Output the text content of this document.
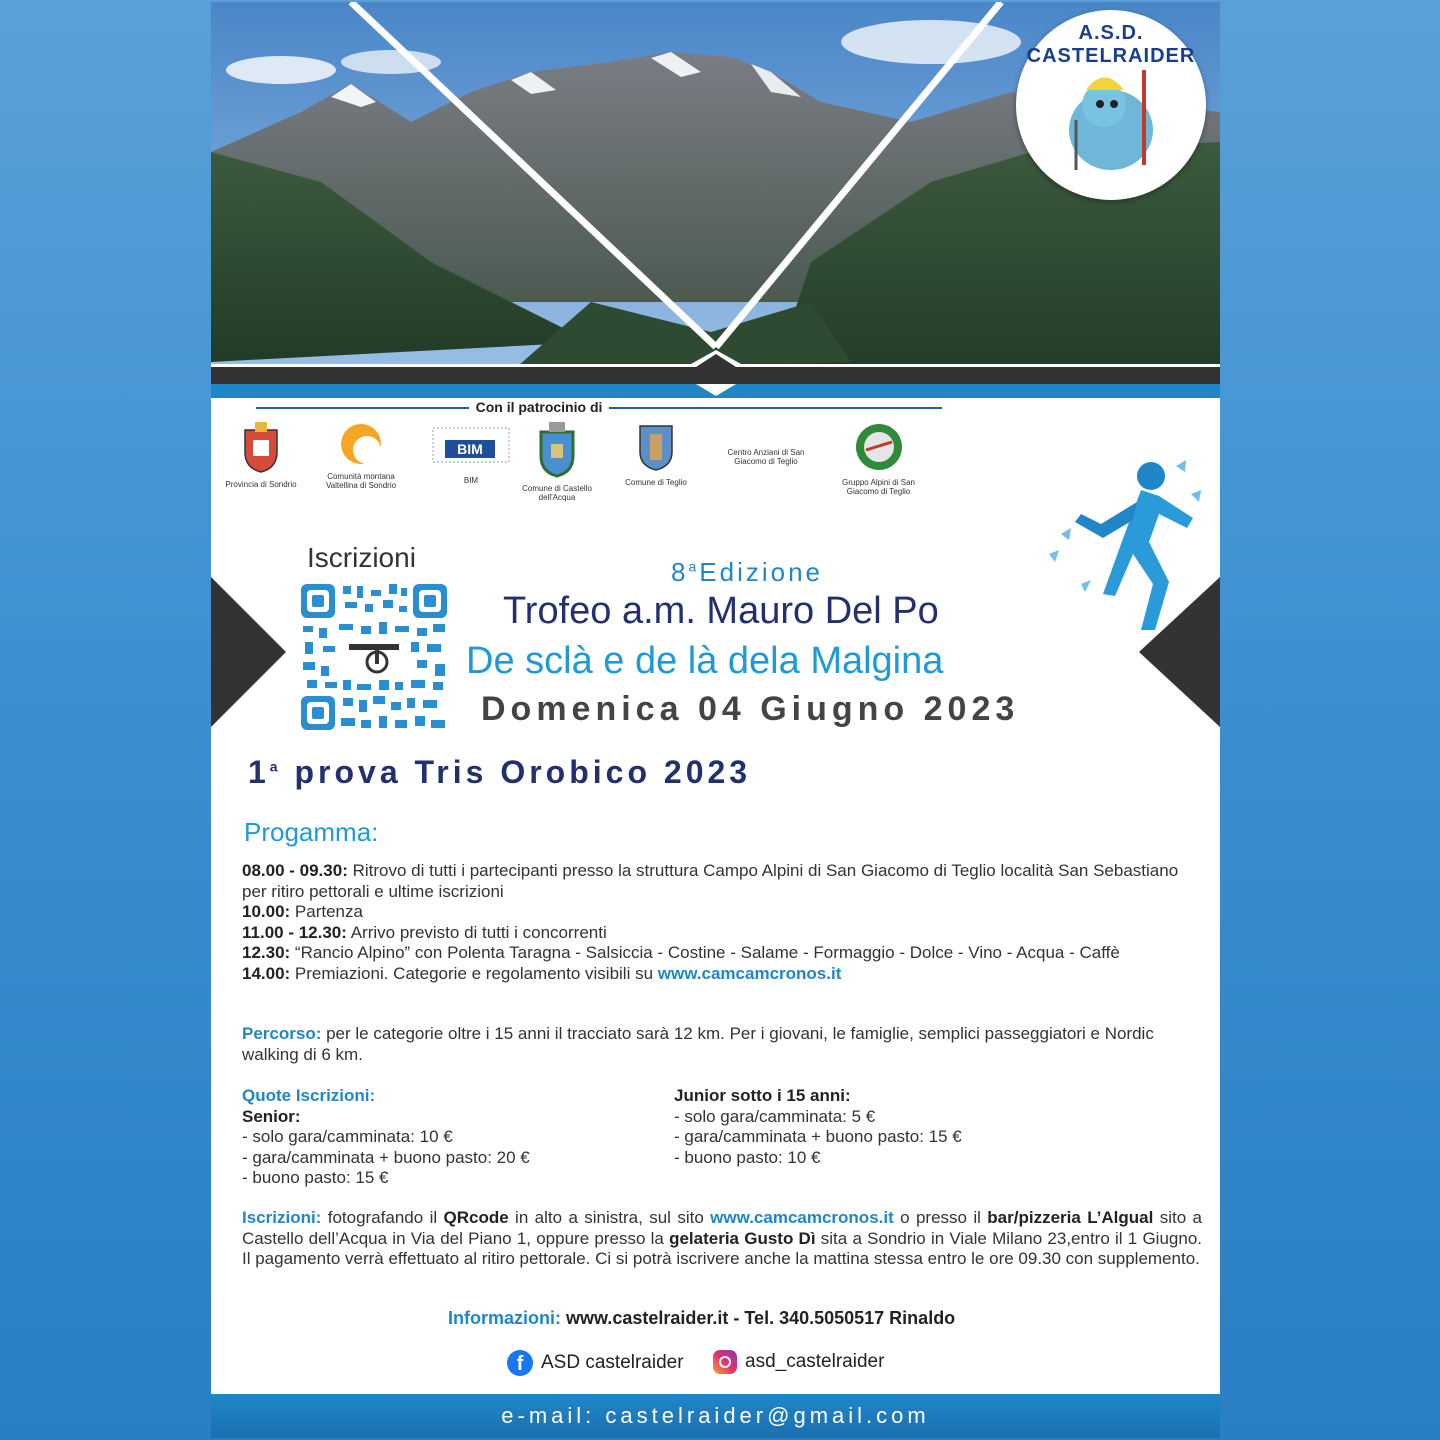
A.S.D. CASTELRAIDER
Con il patrocinio di
Provincia di Sondrio
Comunità montana Valtellina di Sondrio
BIM
BIM
Comune di Castello dell'Acqua
Comune di Teglio
Centro Anziani di San Giacomo di Teglio
Gruppo Alpini di San Giacomo di Teglio
Iscrizioni	8$^a$Edizione
Trofeo a.m. Mauro Del Po
De sclà e de là dela Malgina
Domenica 04 Giugno 2023
1$^a$ prova Tris Orobico 2023
Progamma:
08.00 - 09.30: Ritrovo di tutti i partecipanti presso la struttura Campo Alpini di San Giacomo di Teglio località San Sebastiano per ritiro pettorali e ultime iscrizioni
10.00: Partenza
11.00 - 12.30: Arrivo previsto di tutti i concorrenti
12.30: “Rancio Alpino” con Polenta Taragna - Salsiccia - Costine - Salame - Formaggio - Dolce - Vino - Acqua - Caffè
14.00: Premiazioni. Categorie e regolamento visibili su www.camcamcronos.it
Percorso: per le categorie oltre i 15 anni il tracciato sarà 12 km. Per i giovani, le famiglie, semplici passeggiatori e Nordic walking di 6 km.
Quote Iscrizioni:
Senior:
- solo gara/camminata: 10 €
- gara/camminata + buono pasto: 20 €
- buono pasto: 15 €
Junior sotto i 15 anni:
- solo gara/camminata: 5 €
- gara/camminata + buono pasto: 15 €
- buono pasto: 10 €
Iscrizioni: fotografando il QRcode in alto a sinistra, sul sito www.camcamcronos.it o presso il bar/pizzeria L’Algual sito a Castello dell’Acqua in Via del Piano 1, oppure presso la gelateria Gusto Dì sita a Sondrio in Viale Milano 23,entro il 1 Giugno. Il pagamento verrà effettuato al ritiro pettorale. Ci si potrà iscrivere anche la mattina stessa entro le ore 09.30 con supplemento.
Informazioni: www.castelraider.it - Tel. 340.5050517 Rinaldo
f ASD castelraider	asd_castelraider
e-mail: castelraider@gmail.com
